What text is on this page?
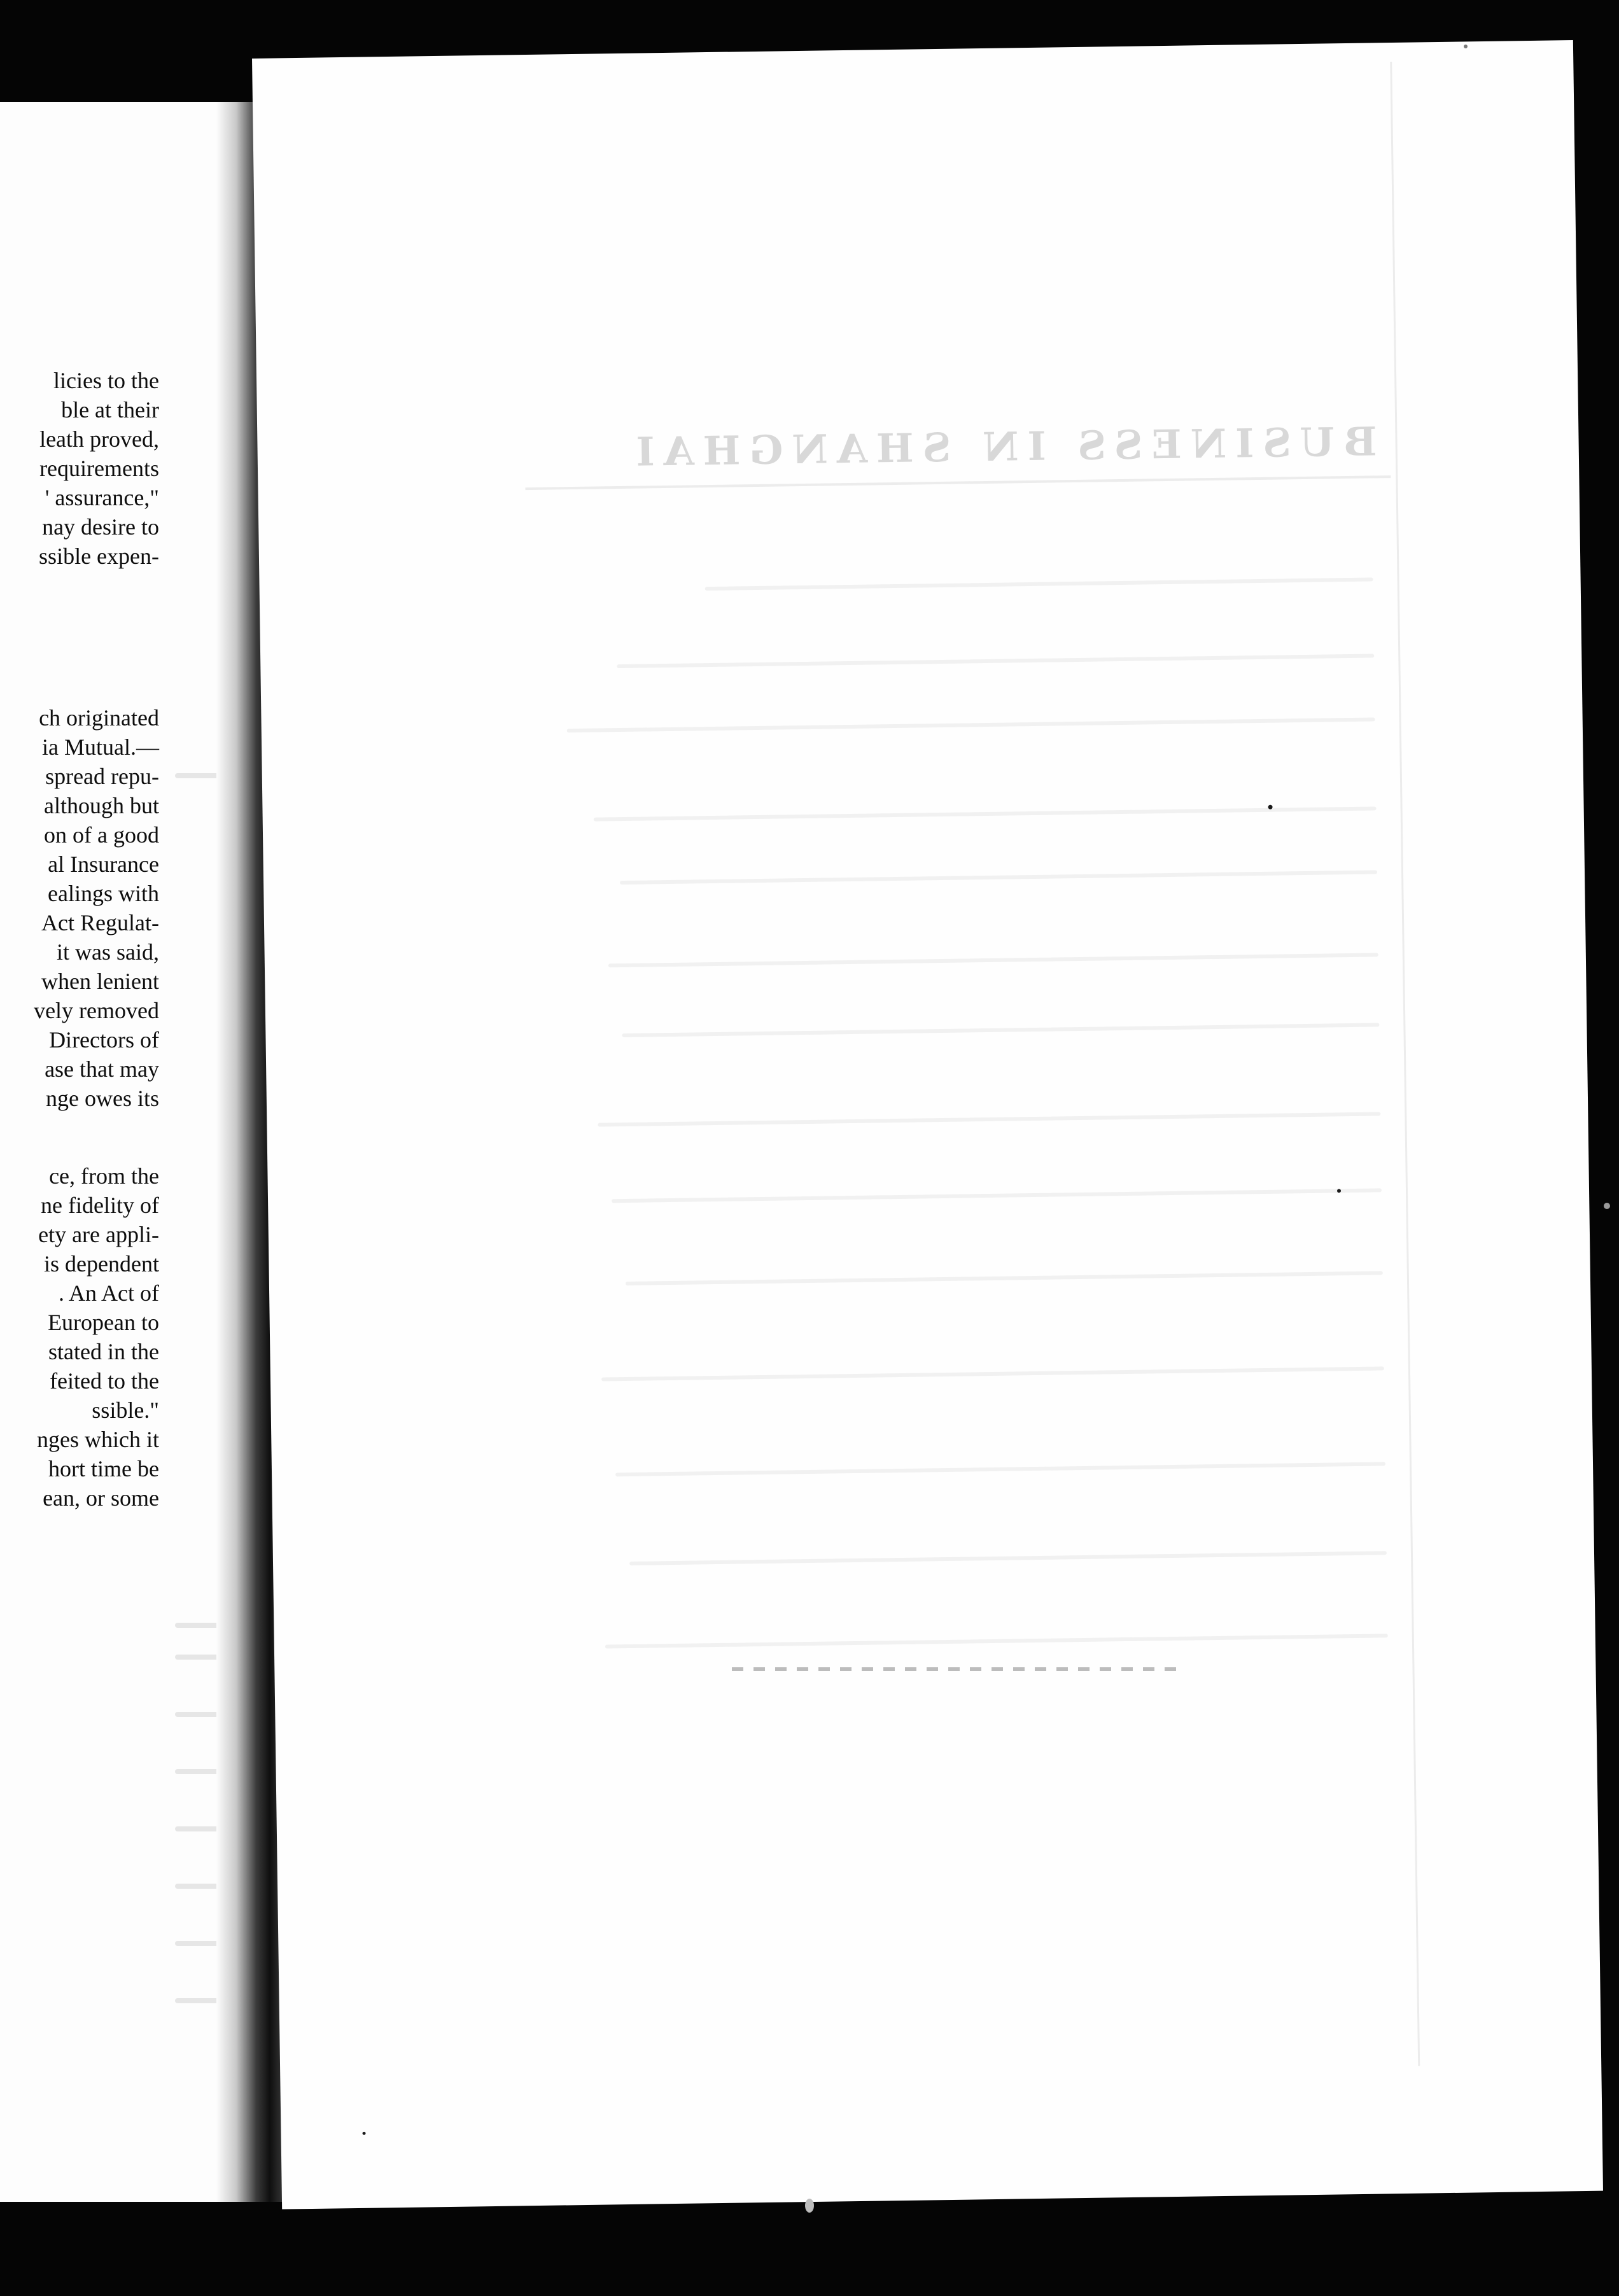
licies to the
ble at their
leath proved,
requirements
' assurance,"
nay desire to
ssible expen-
ch originated
ia Mutual.—
spread repu-
although but
on of a good
al Insurance
ealings with
Act Regulat-
it was said,
when lenient
vely removed
Directors of
ase that may
nge owes its
ce, from the
ne fidelity of
ety are appli-
is dependent
. An Act of
European to
stated in the
feited to the
ssible."
nges which it
hort time be
ean, or some
BUSINESS IN SHANGHAI
